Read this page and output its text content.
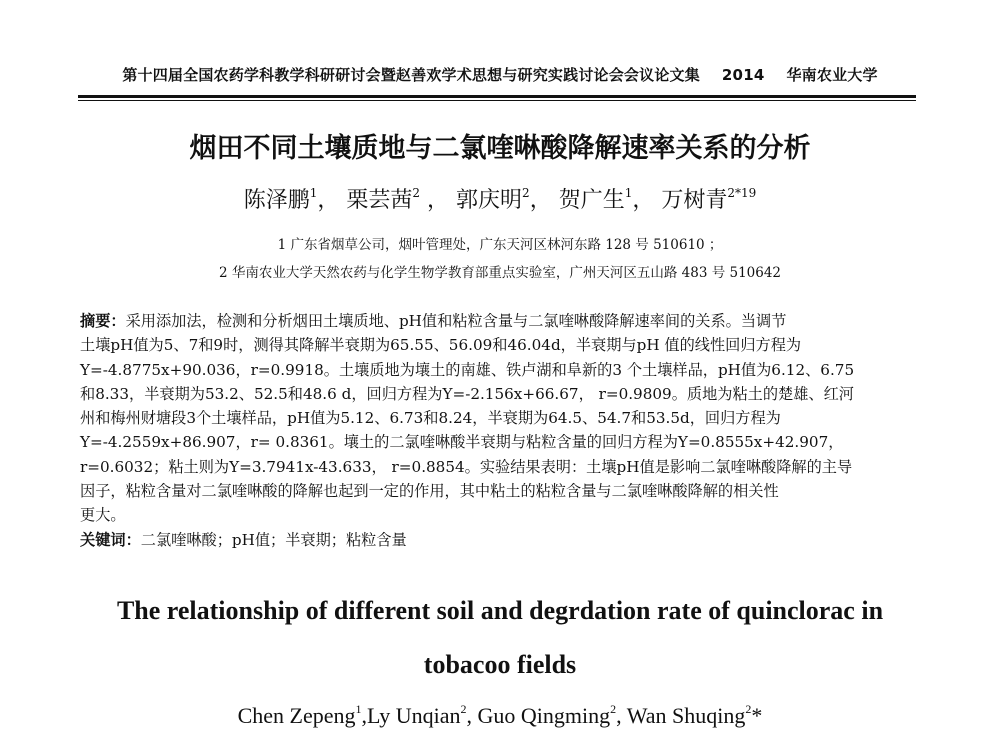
第十四届全国农药学科教学科研研讨会暨赵善欢学术思想与研究实践讨论会会议论文集 2014 华南农业大学
烟田不同土壤质地与二氯喹啉酸降解速率关系的分析
陈泽鹏$^1$， 栗芸茜$^2$ ， 郭庆明$^2$， 贺广生$^1$， 万树青$^{2*19}$
1 广东省烟草公司，烟叶管理处，广东天河区林河东路 128 号 510610 ；
2 华南农业大学天然农药与化学生物学教育部重点实验室，广州天河区五山路 483 号 510642
摘要：采用添加法，检测和分析烟田土壤质地、pH值和粘粒含量与二氯喹啉酸降解速率间的关系。当调节
土壤pH值为5、7和9时，测得其降解半衰期为65.55、56.09和46.04d，半衰期与pH 值的线性回归方程为
Y=-4.8775x+90.036，r=0.9918。土壤质地为壤土的南雄、铁卢湖和阜新的3 个土壤样品，pH值为6.12、6.75
和8.33，半衰期为53.2、52.5和48.6 d，回归方程为Y=-2.156x+66.67， r=0.9809。质地为粘土的楚雄、红河
州和梅州财塘段3个土壤样品，pH值为5.12、6.73和8.24，半衰期为64.5、54.7和53.5d，回归方程为
Y=-4.2559x+86.907，r= 0.8361。壤土的二氯喹啉酸半衰期与粘粒含量的回归方程为Y=0.8555x+42.907，
r=0.6032；粘土则为Y=3.7941x-43.633， r=0.8854。实验结果表明：土壤pH值是影响二氯喹啉酸降解的主导
因子，粘粒含量对二氯喹啉酸的降解也起到一定的作用，其中粘土的粘粒含量与二氯喹啉酸降解的相关性
更大。
关键词：二氯喹啉酸；pH值；半衰期；粘粒含量
The relationship of different soil and degrdation rate of quinclorac in
tobacoo fields
Chen Zepeng$^1$,Ly Unqian$^2$, Guo Qingming$^2$, Wan Shuqing$^2$*
